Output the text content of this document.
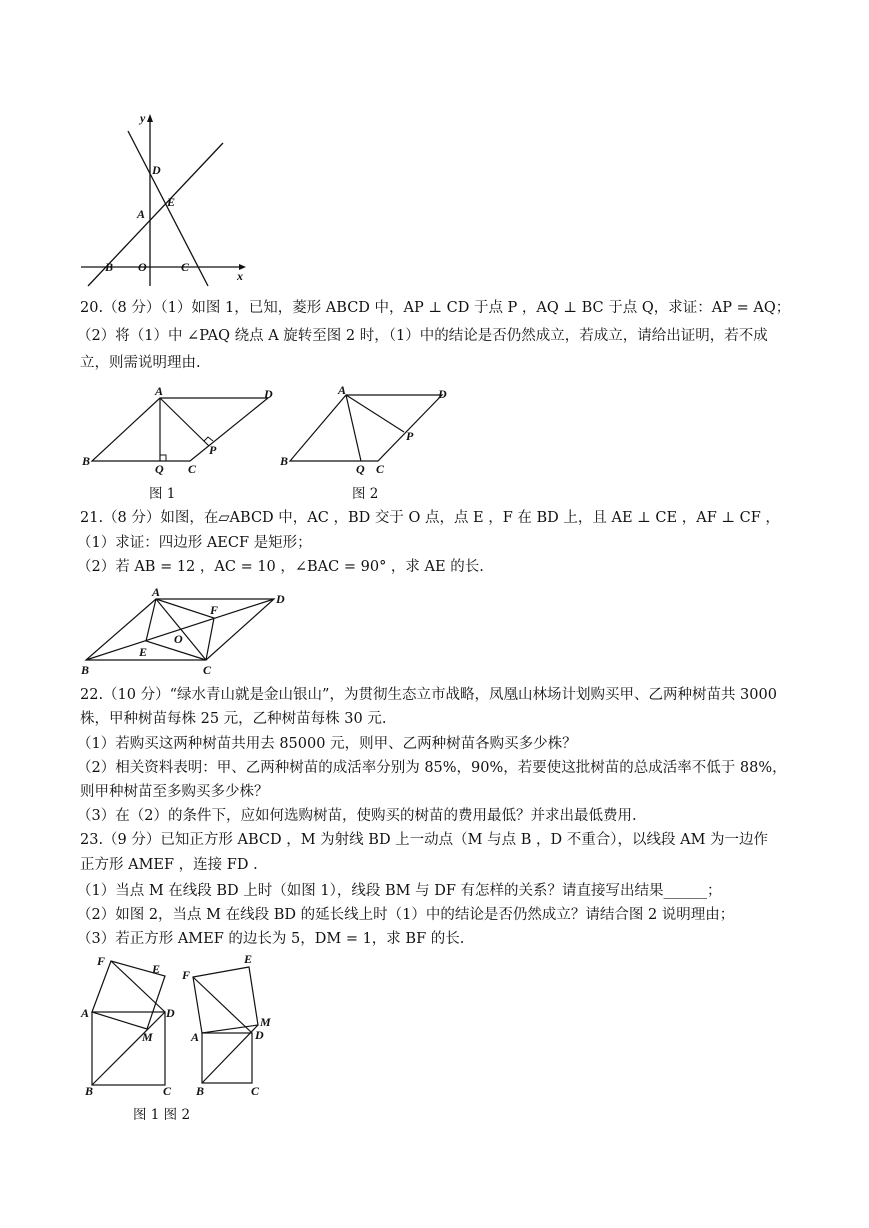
y
x
D
E
A
B O	C
20.（8 分）（1）如图 1，已知，菱形 ABCD 中，AP ⊥ CD 于点 P ，AQ ⊥ BC 于点 Q，求证：AP = AQ；
（2）将（1）中 ∠PAQ 绕点 A 旋转至图 2 时，（1）中的结论是否仍然成立，若成立，请给出证明，若不成
立，则需说明理由.
A	D
B
Q C
P
图 1
A	D
B
Q C
P
图 2
21.（8 分）如图，在▱ABCD 中，AC ，BD 交于 O 点，点 E ，F 在 BD 上，且 AE ⊥ CE ，AF ⊥ CF ，
（1）求证：四边形 AECF 是矩形；
（2）若 AB = 12 ，AC = 10 ，∠BAC = 90° ，求 AE 的长.
A	D
F
O
E
B	C
22.（10 分）“绿水青山就是金山银山”，为贯彻生态立市战略，凤凰山林场计划购买甲、乙两种树苗共 3000
株，甲种树苗每株 25 元，乙种树苗每株 30 元.
（1）若购买这两种树苗共用去 85000 元，则甲、乙两种树苗各购买多少株？
（2）相关资料表明：甲、乙两种树苗的成活率分别为 85%，90%，若要使这批树苗的总成活率不低于 88%，
则甲种树苗至多购买多少株？
（3）在（2）的条件下，应如何选购树苗，使购买的树苗的费用最低？并求出最低费用.
23.（9 分）已知正方形 ABCD ，M 为射线 BD 上一动点（M 与点 B ，D 不重合），以线段 AM 为一边作
正方形 AMEF ，连接 FD .
（1）当点 M 在线段 BD 上时（如图 1），线段 BM 与 DF 有怎样的关系？请直接写出结果______；
（2）如图 2，当点 M 在线段 BD 的延长线上时（1）中的结论是否仍然成立？请结合图 2 说明理由；
（3）若正方形 AMEF 的边长为 5，DM = 1，求 BF 的长.
F
E
A	D
M
B	C
F
E
A	D
M
B	C
图 1 图 2
